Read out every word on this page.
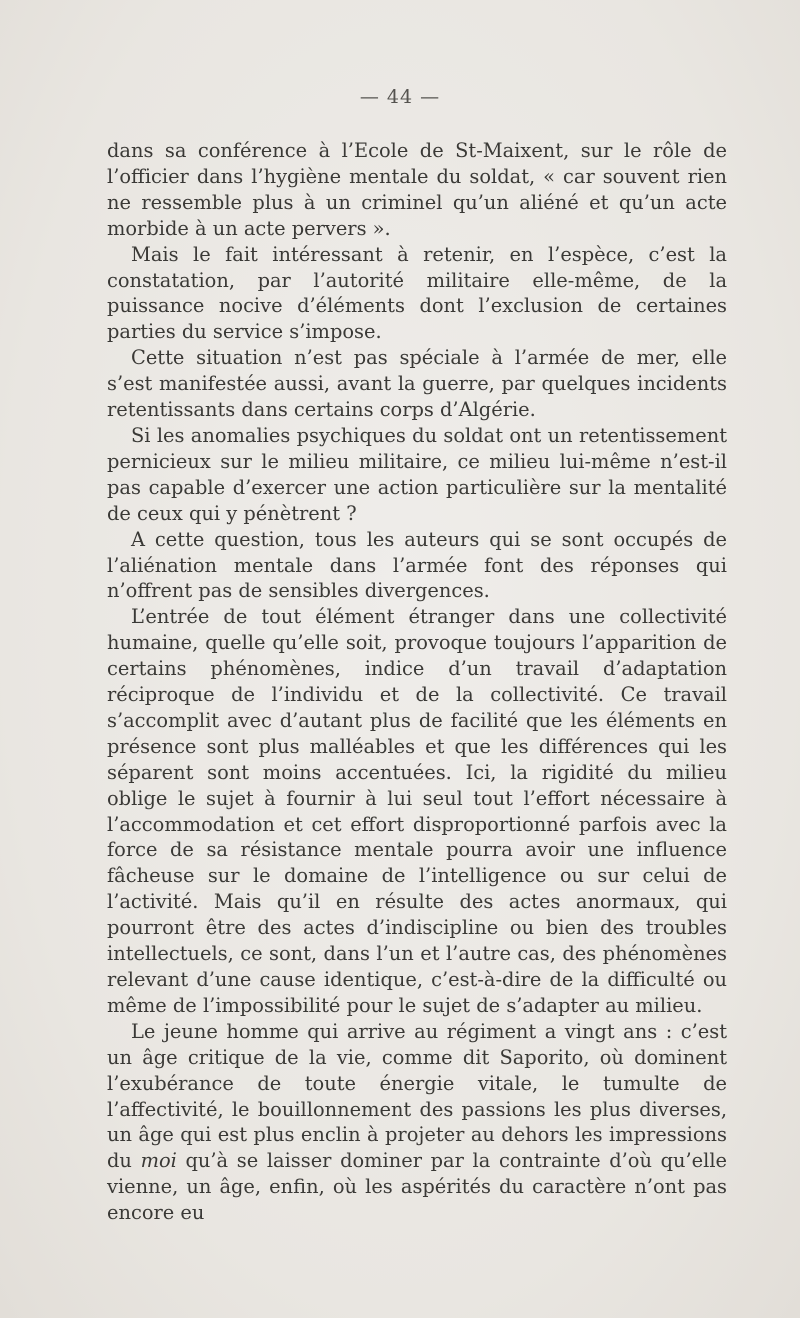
— 44 —

dans sa conférence à l’Ecole de St-Maixent, sur le rôle de l’officier dans l’hygiène mentale du soldat, « car souvent rien ne ressemble plus à un criminel qu’un aliéné et qu’un acte morbide à un acte pervers ».

Mais le fait intéressant à retenir, en l’espèce, c’est la constatation, par l’autorité militaire elle-même, de la puissance nocive d’éléments dont l’exclusion de certaines parties du service s’impose.

Cette situation n’est pas spéciale à l’armée de mer, elle s’est manifestée aussi, avant la guerre, par quelques incidents retentissants dans certains corps d’Algérie.

Si les anomalies psychiques du soldat ont un retentissement pernicieux sur le milieu militaire, ce milieu lui-même n’est-il pas capable d’exercer une action particulière sur la mentalité de ceux qui y pénètrent ?

A cette question, tous les auteurs qui se sont occupés de l’aliénation mentale dans l’armée font des réponses qui n’offrent pas de sensibles divergences.

L’entrée de tout élément étranger dans une collectivité humaine, quelle qu’elle soit, provoque toujours l’apparition de certains phénomènes, indice d’un travail d’adaptation réciproque de l’individu et de la collectivité. Ce travail s’accomplit avec d’autant plus de facilité que les éléments en présence sont plus malléables et que les différences qui les séparent sont moins accentuées. Ici, la rigidité du milieu oblige le sujet à fournir à lui seul tout l’effort nécessaire à l’accommodation et cet effort disproportionné parfois avec la force de sa résistance mentale pourra avoir une influence fâcheuse sur le domaine de l’intelligence ou sur celui de l’activité. Mais qu’il en résulte des actes anormaux, qui pourront être des actes d’indiscipline ou bien des troubles intellectuels, ce sont, dans l’un et l’autre cas, des phénomènes relevant d’une cause identique, c’est-à-dire de la difficulté ou même de l’impossibilité pour le sujet de s’adapter au milieu.

Le jeune homme qui arrive au régiment a vingt ans : c’est un âge critique de la vie, comme dit Saporito, où dominent l’exubérance de toute énergie vitale, le tumulte de l’affectivité, le bouillonnement des passions les plus diverses, un âge qui est plus enclin à projeter au dehors les impressions du moi qu’à se laisser dominer par la contrainte d’où qu’elle vienne, un âge, enfin, où les aspérités du caractère n’ont pas encore eu
